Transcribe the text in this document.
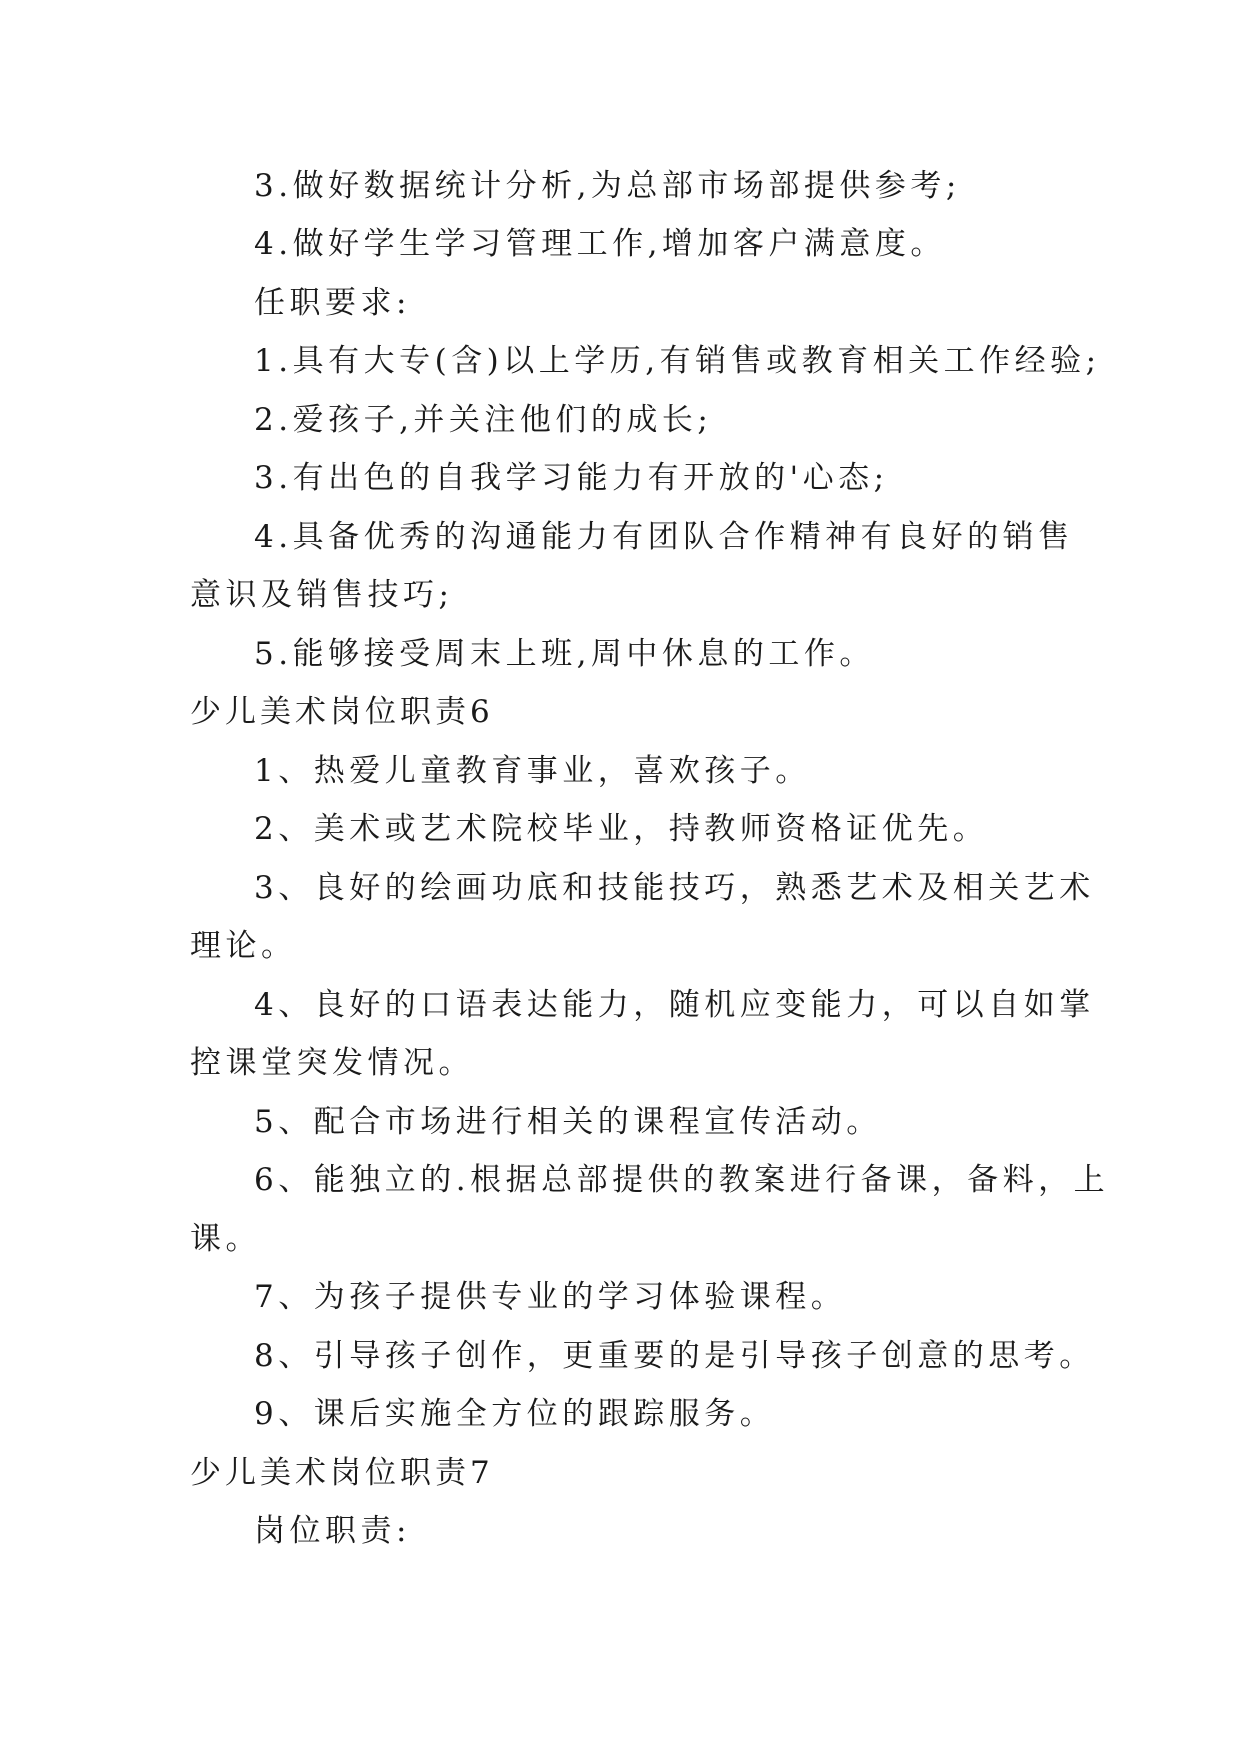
3.做好数据统计分析,为总部市场部提供参考;
4.做好学生学习管理工作,增加客户满意度。
任职要求:
1.具有大专(含)以上学历,有销售或教育相关工作经验;
2.爱孩子,并关注他们的成长;
3.有出色的自我学习能力有开放的'心态;
4.具备优秀的沟通能力有团队合作精神有良好的销售
意识及销售技巧;
5.能够接受周末上班,周中休息的工作。
少儿美术岗位职责6
1、热爱儿童教育事业，喜欢孩子。
2、美术或艺术院校毕业，持教师资格证优先。
3、良好的绘画功底和技能技巧，熟悉艺术及相关艺术
理论。
4、良好的口语表达能力，随机应变能力，可以自如掌
控课堂突发情况。
5、配合市场进行相关的课程宣传活动。
6、能独立的.根据总部提供的教案进行备课，备料，上
课。
7、为孩子提供专业的学习体验课程。
8、引导孩子创作，更重要的是引导孩子创意的思考。
9、课后实施全方位的跟踪服务。
少儿美术岗位职责7
岗位职责:
